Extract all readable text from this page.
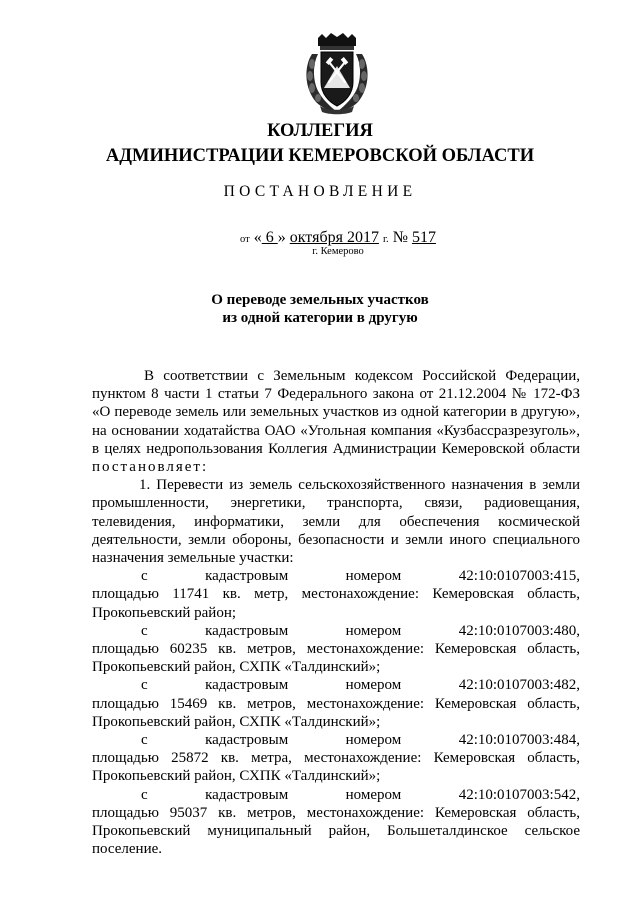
КОЛЛЕГИЯ
АДМИНИСТРАЦИИ КЕМЕРОВСКОЙ ОБЛАСТИ
ПОСТАНОВЛЕНИЕ
от « 6 » октября 2017 г. № 517
г. Кемерово
О переводе земельных участков
из одной категории в другую

В соответствии с Земельным кодексом Российской Федерации, пунктом 8 части 1 статьи 7 Федерального закона от 21.12.2004 № 172-ФЗ «О переводе земель или земельных участков из одной категории в другую», на основании ходатайства ОАО «Угольная компания «Кузбассразрезуголь», в целях недропользования Коллегия Администрации Кемеровской области постановляет:

1. Перевести из земель сельскохозяйственного назначения в земли промышленности, энергетики, транспорта, связи, радиовещания, телевидения, информатики, земли для обеспечения космической деятельности, земли обороны, безопасности и земли иного специального назначения земельные участки:

с	кадастровым	номером	42:10:0107003:415,

площадью 11741 кв. метр, местонахождение: Кемеровская область, Прокопьевский район;

с	кадастровым	номером	42:10:0107003:480,

площадью 60235 кв. метров, местонахождение: Кемеровская область, Прокопьевский район, СХПК «Талдинский»;

с	кадастровым	номером	42:10:0107003:482,

площадью 15469 кв. метров, местонахождение: Кемеровская область, Прокопьевский район, СХПК «Талдинский»;

с	кадастровым	номером	42:10:0107003:484,

площадью 25872 кв. метра, местонахождение: Кемеровская область, Прокопьевский район, СХПК «Талдинский»;

с	кадастровым	номером	42:10:0107003:542,

площадью 95037 кв. метров, местонахождение: Кемеровская область, Прокопьевский муниципальный район, Большеталдинское сельское поселение.
